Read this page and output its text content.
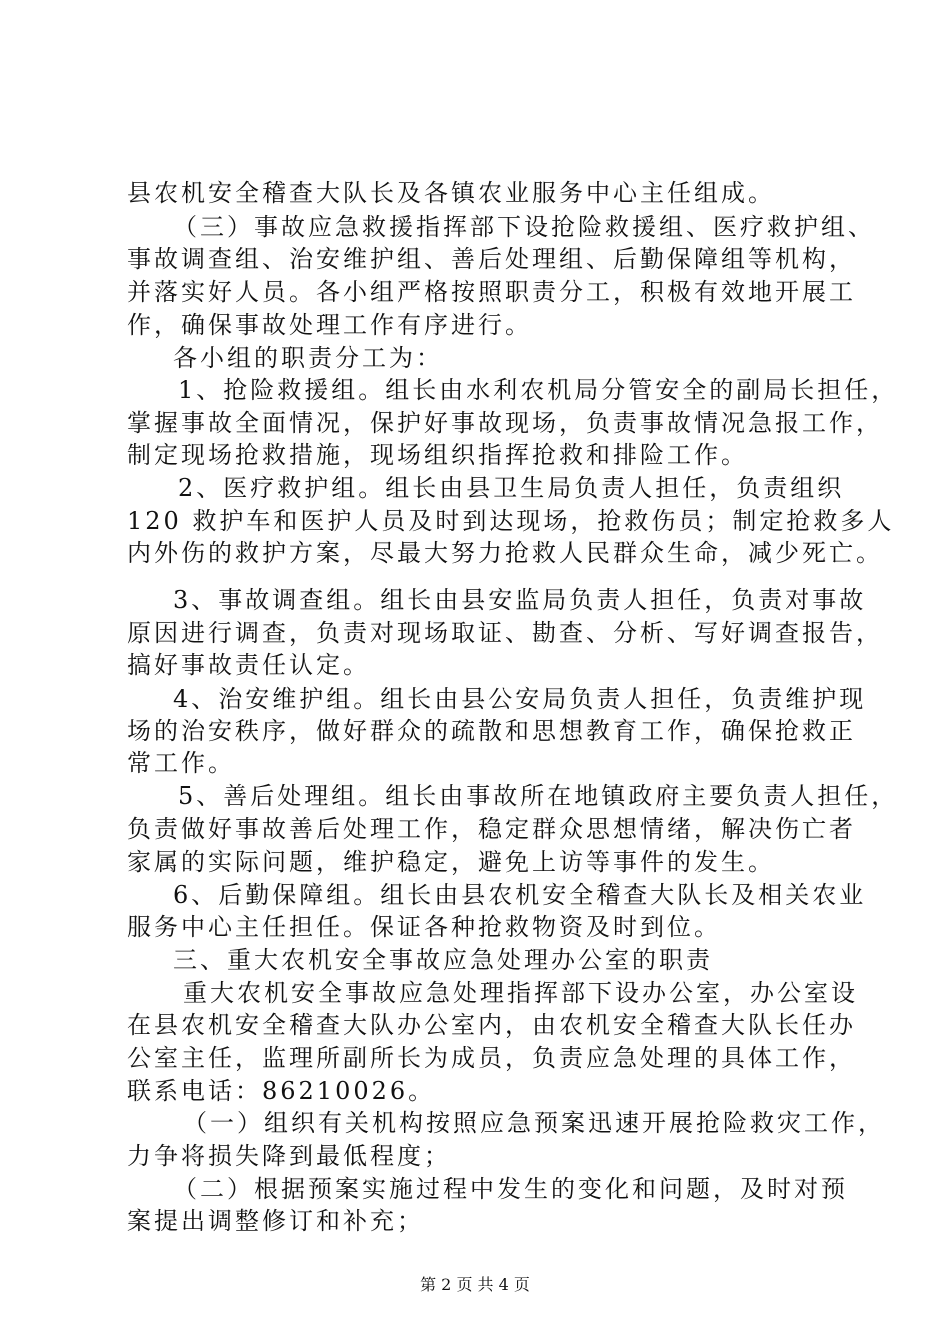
县农机安全稽查大队长及各镇农业服务中心主任组成。
（三）事故应急救援指挥部下设抢险救援组、医疗救护组、
事故调查组、治安维护组、善后处理组、后勤保障组等机构，
并落实好人员。各小组严格按照职责分工，积极有效地开展工
作，确保事故处理工作有序进行。
各小组的职责分工为：
1、抢险救援组。组长由水利农机局分管安全的副局长担任，
掌握事故全面情况，保护好事故现场，负责事故情况急报工作，
制定现场抢救措施，现场组织指挥抢救和排险工作。
2、医疗救护组。组长由县卫生局负责人担任，负责组织
120 救护车和医护人员及时到达现场，抢救伤员；制定抢救多人
内外伤的救护方案，尽最大努力抢救人民群众生命，减少死亡。
3、事故调查组。组长由县安监局负责人担任，负责对事故
原因进行调查，负责对现场取证、勘查、分析、写好调查报告，
搞好事故责任认定。
4、治安维护组。组长由县公安局负责人担任，负责维护现
场的治安秩序，做好群众的疏散和思想教育工作，确保抢救正
常工作。
5、善后处理组。组长由事故所在地镇政府主要负责人担任，
负责做好事故善后处理工作，稳定群众思想情绪，解决伤亡者
家属的实际问题，维护稳定，避免上访等事件的发生。
6、后勤保障组。组长由县农机安全稽查大队长及相关农业
服务中心主任担任。保证各种抢救物资及时到位。
三、重大农机安全事故应急处理办公室的职责
重大农机安全事故应急处理指挥部下设办公室，办公室设
在县农机安全稽查大队办公室内，由农机安全稽查大队长任办
公室主任，监理所副所长为成员，负责应急处理的具体工作，
联系电话：86210026。
（一）组织有关机构按照应急预案迅速开展抢险救灾工作，
力争将损失降到最低程度；
（二）根据预案实施过程中发生的变化和问题，及时对预
案提出调整修订和补充；
第 2 页 共 4 页
